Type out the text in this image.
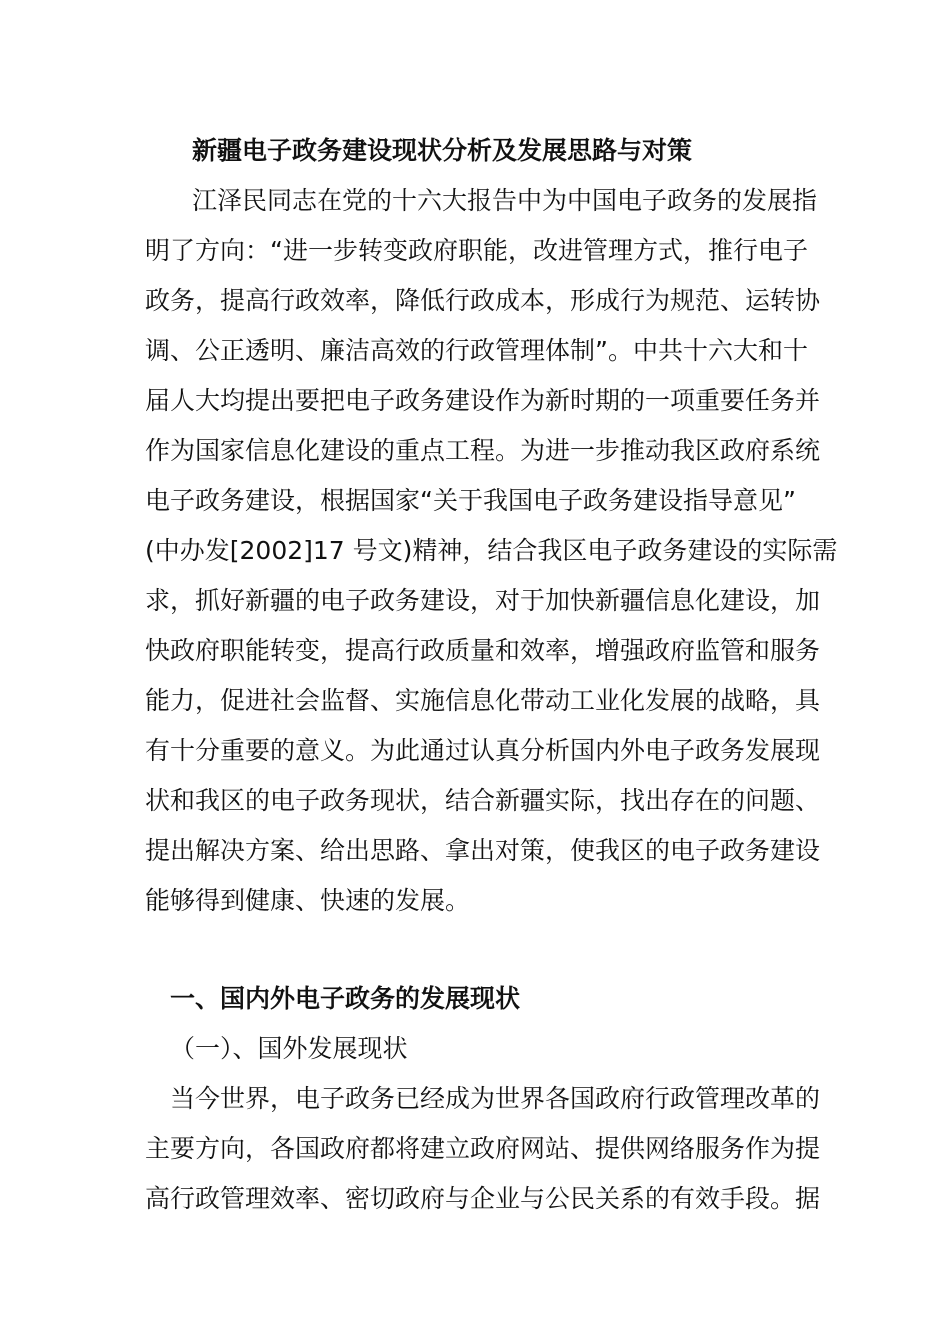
新疆电子政务建设现状分析及发展思路与对策
江泽民同志在党的十六大报告中为中国电子政务的发展指
明了方向：“进一步转变政府职能，改进管理方式，推行电子
政务，提高行政效率，降低行政成本，形成行为规范、运转协
调、公正透明、廉洁高效的行政管理体制”。中共十六大和十
届人大均提出要把电子政务建设作为新时期的一项重要任务并
作为国家信息化建设的重点工程。为进一步推动我区政府系统
电子政务建设，根据国家“关于我国电子政务建设指导意见”
(中办发[2002]17 号文)精神，结合我区电子政务建设的实际需
求，抓好新疆的电子政务建设，对于加快新疆信息化建设，加
快政府职能转变，提高行政质量和效率，增强政府监管和服务
能力，促进社会监督、实施信息化带动工业化发展的战略，具
有十分重要的意义。为此通过认真分析国内外电子政务发展现
状和我区的电子政务现状，结合新疆实际，找出存在的问题、
提出解决方案、给出思路、拿出对策，使我区的电子政务建设
能够得到健康、快速的发展。
一、国内外电子政务的发展现状
（一）、国外发展现状
当今世界，电子政务已经成为世界各国政府行政管理改革的
主要方向，各国政府都将建立政府网站、提供网络服务作为提
高行政管理效率、密切政府与企业与公民关系的有效手段。据
